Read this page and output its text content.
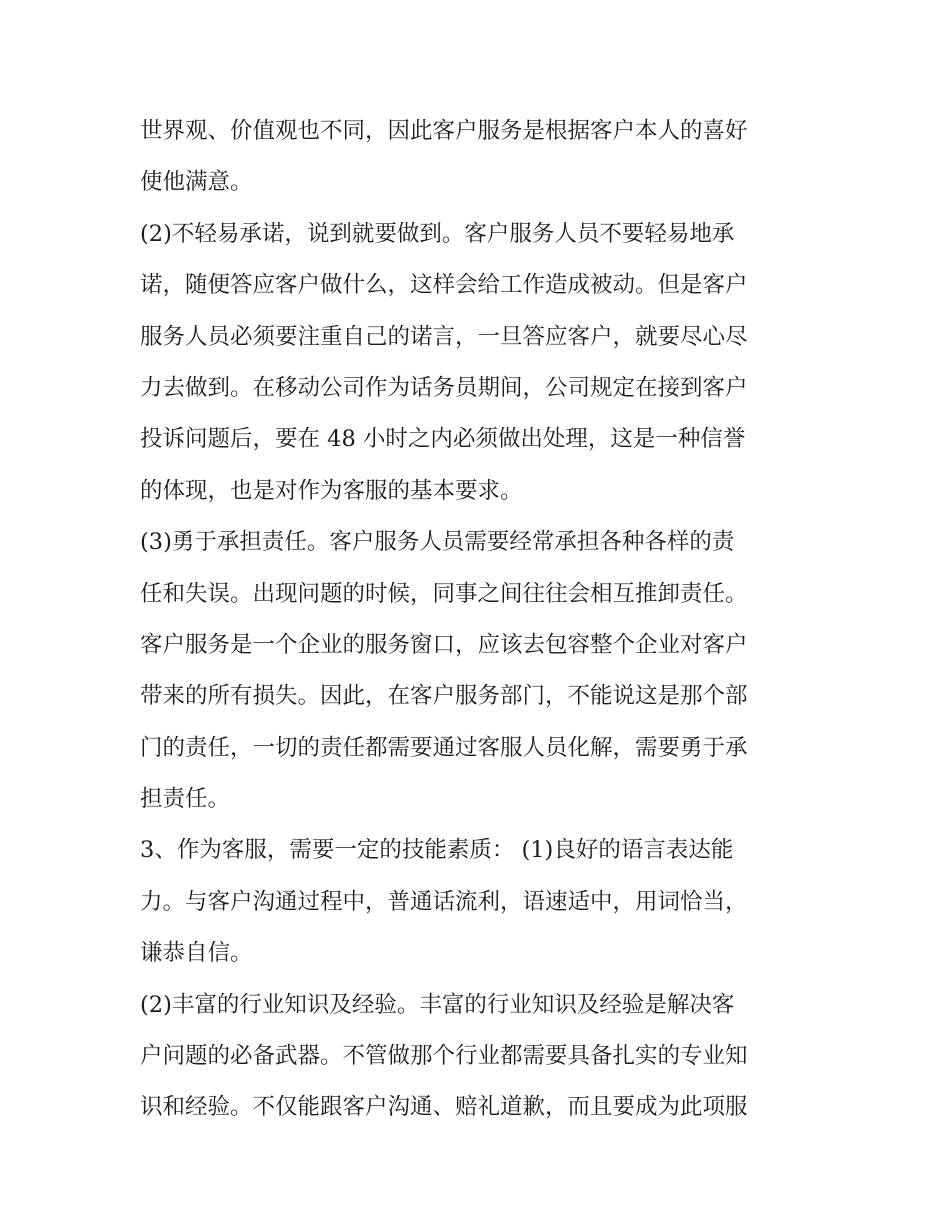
世界观、价值观也不同，因此客户服务是根据客户本人的喜好
使他满意。
(2)不轻易承诺，说到就要做到。客户服务人员不要轻易地承
诺，随便答应客户做什么，这样会给工作造成被动。但是客户
服务人员必须要注重自己的诺言，一旦答应客户，就要尽心尽
力去做到。在移动公司作为话务员期间，公司规定在接到客户
投诉问题后，要在 48 小时之内必须做出处理，这是一种信誉
的体现，也是对作为客服的基本要求。
(3)勇于承担责任。客户服务人员需要经常承担各种各样的责
任和失误。出现问题的时候，同事之间往往会相互推卸责任。
客户服务是一个企业的服务窗口，应该去包容整个企业对客户
带来的所有损失。因此，在客户服务部门，不能说这是那个部
门的责任，一切的责任都需要通过客服人员化解，需要勇于承
担责任。
3、作为客服，需要一定的技能素质： (1)良好的语言表达能
力。与客户沟通过程中，普通话流利，语速适中，用词恰当，
谦恭自信。
(2)丰富的行业知识及经验。丰富的行业知识及经验是解决客
户问题的必备武器。不管做那个行业都需要具备扎实的专业知
识和经验。不仅能跟客户沟通、赔礼道歉，而且要成为此项服
